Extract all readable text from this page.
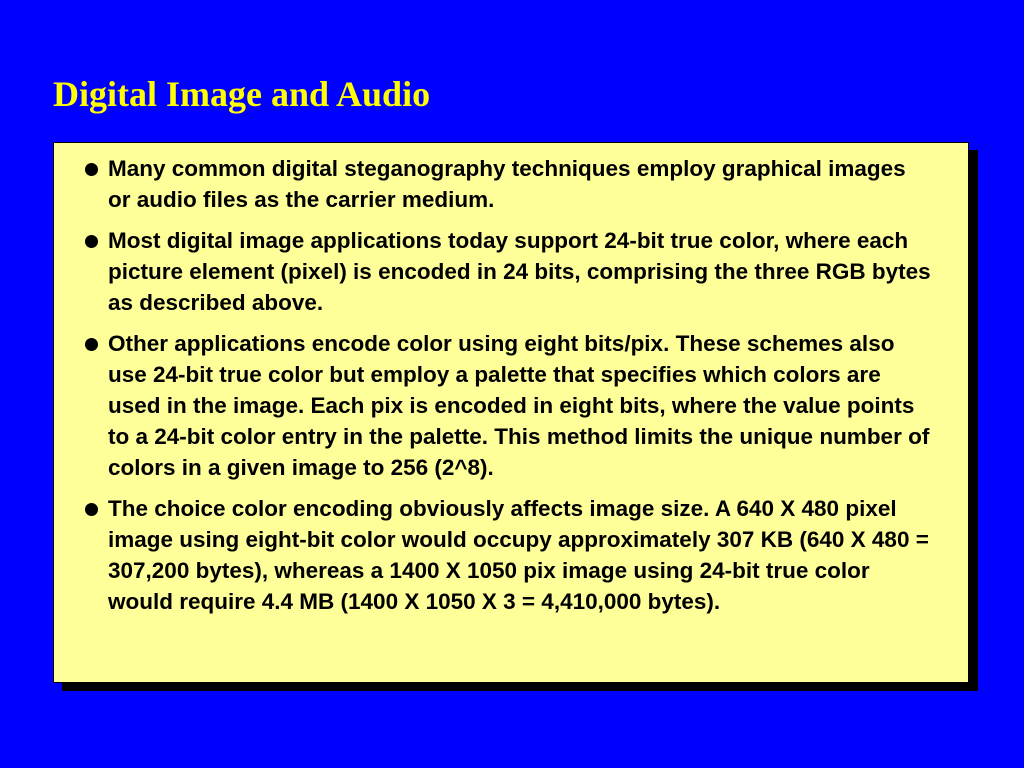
Digital Image and Audio
Many common digital steganography techniques employ graphical images or audio files as the carrier medium.
Most digital image applications today support 24-bit true color, where each picture element (pixel) is encoded in 24 bits, comprising the three RGB bytes as described above.
Other applications encode color using eight bits/pix. These schemes also use 24-bit true color but employ a palette that specifies which colors are used in the image. Each pix is encoded in eight bits, where the value points to a 24-bit color entry in the palette. This method limits the unique number of colors in a given image to 256 (2^8).
The choice color encoding obviously affects image size. A 640 X 480 pixel image using eight-bit color would occupy approximately 307 KB (640 X 480 = 307,200 bytes), whereas a 1400 X 1050 pix image using 24-bit true color would require 4.4 MB (1400 X 1050 X 3 = 4,410,000 bytes).
